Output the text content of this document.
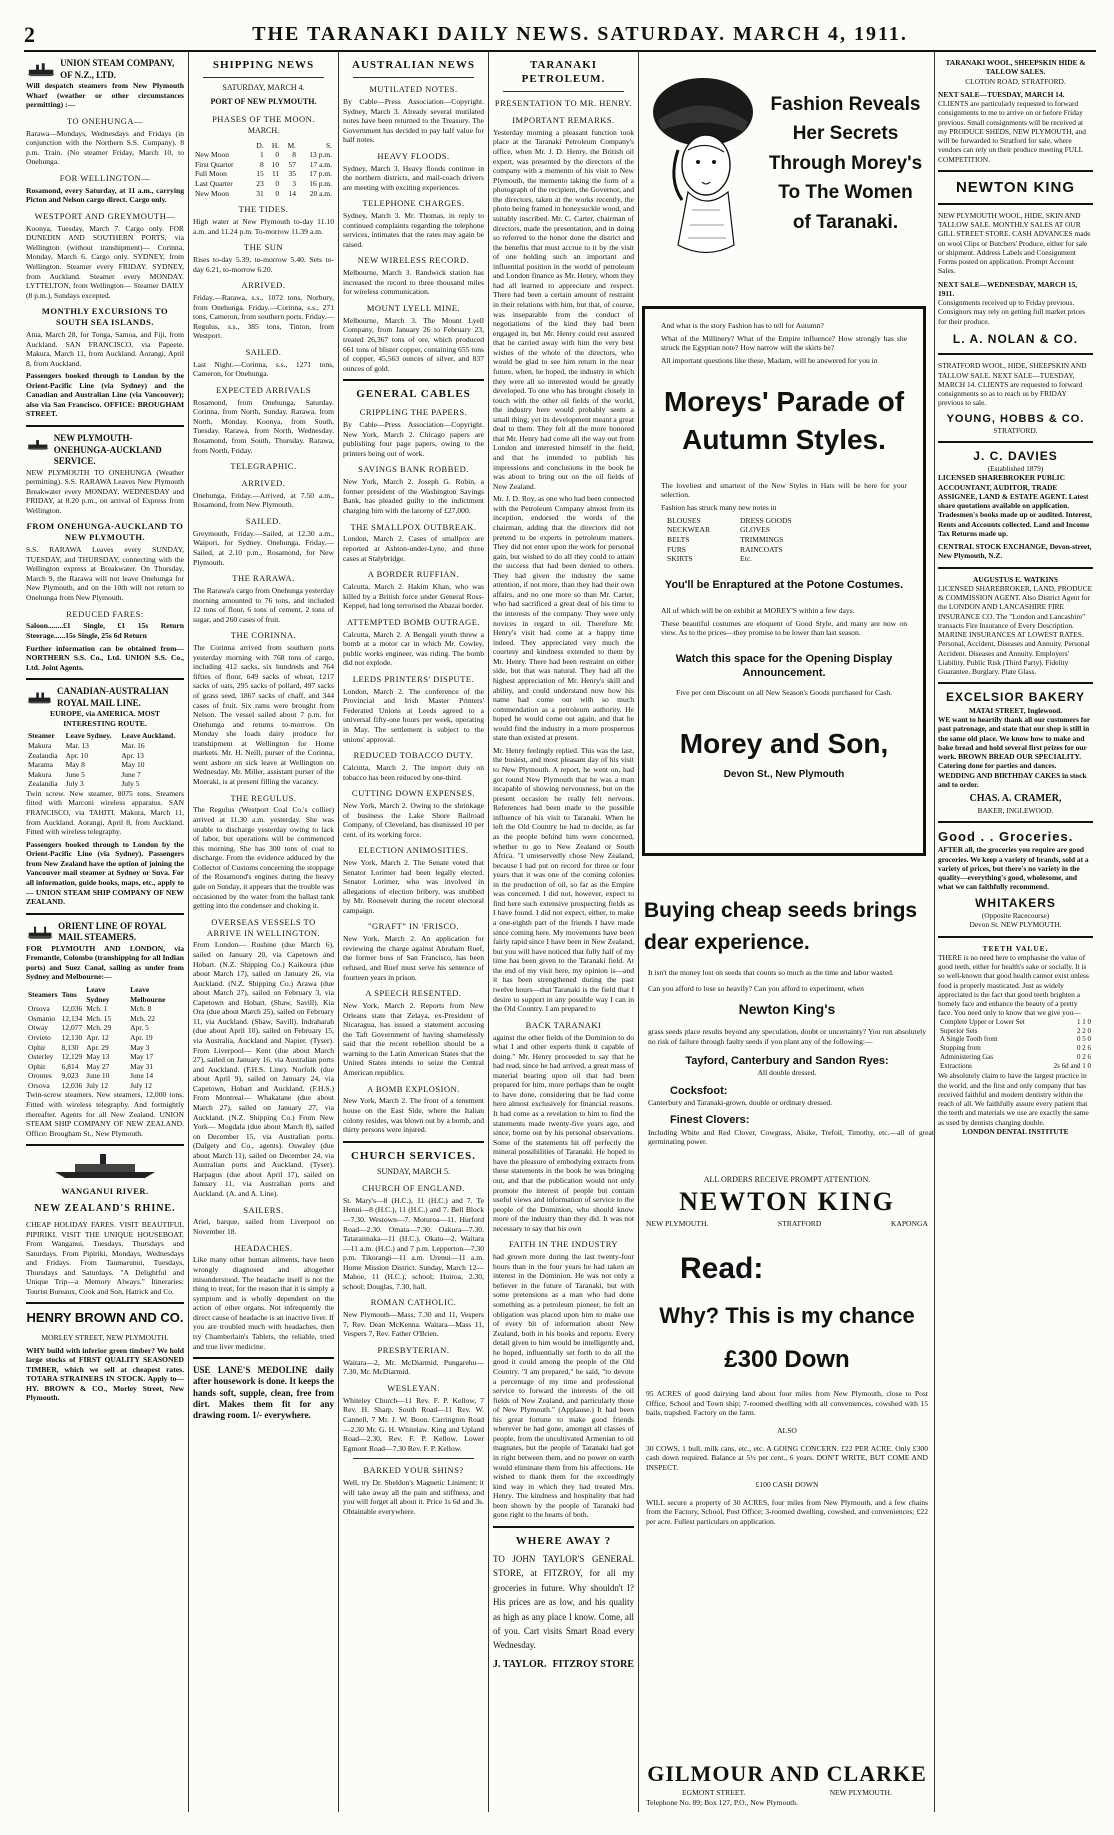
2	THE TARANAKI DAILY NEWS. SATURDAY. MARCH 4, 1911.
UNION STEAM COMPANY, OF N.Z., LTD.
Will despatch steamers from New Plymouth Wharf (weather or other circumstances permitting) :—
TO ONEHUNGA—
Rarawa—Mondays, Wednesdays and Fridays (in conjunction with the Northern S.S. Company). 8 p.m. Train. (No steamer Friday, March 10, to Onehunga.
FOR WELLINGTON—
Rosamond, every Saturday, at 11 a.m., carrying Picton and Nelson cargo direct. Cargo only.
WESTPORT AND GREYMOUTH—
Koonya, Tuesday, March 7. Cargo only. FOR DUNEDIN AND SOUTHERN PORTS, via Wellington (without transhipment)— Corinna, Monday, March 6. Cargo only. SYDNEY, from Wellington. Steamer every FRIDAY. SYDNEY, from Auckland. Steamer every MONDAY. LYTTELTON, from Wellington— Steamer DAILY (8 p.m.), Sundays excepted.
MONTHLY EXCURSIONS TO SOUTH SEA ISLANDS.
Atua, March 28, for Tonga, Samoa, and Fiji, from Auckland. SAN FRANCISCO, via Papeete. Makura, March 11, from Auckland. Aorangi, April 8, from Auckland.
Passengers booked through to London by the Orient-Pacific Line (via Sydney) and the Canadian and Australian Line (via Vancouver); also via San Francisco. OFFICE: BROUGHAM STREET.
NEW PLYMOUTH-ONEHUNGA-AUCKLAND SERVICE.
NEW PLYMOUTH TO ONEHUNGA (Weather permitting). S.S. RARAWA Leaves New Plymouth Breakwater every MONDAY, WEDNESDAY and FRIDAY, at 8.20 p.m., on arrival of Express from Wellington.
FROM ONEHUNGA-AUCKLAND TO NEW PLYMOUTH.
S.S. RARAWA Leaves every SUNDAY, TUESDAY, and THURSDAY, connecting with the Wellington express at Breakwater. On Thursday, March 9, the Rarawa will not leave Onehunga for New Plymouth, and on the 10th will not return to Onehunga from New Plymouth.
REDUCED FARES:
Saloon........£1 Single, £1 15s Return Steerage......15s Single, 25s 6d Return
Further information can be obtained from— NORTHERN S.S. Co., Ltd. UNION S.S. Co., Ltd. Joint Agents.
CANADIAN-AUSTRALIAN ROYAL MAIL LINE.
EUROPE, via AMERICA. MOST INTERESTING ROUTE.
Steamer	Leave Sydney.	Leave Auckland.
Makura	Mar. 13	Mar. 16
Zealandia	Apr. 10	Apr. 13
Marama	May 8	May 10
Makura	June 5	June 7
Zealandia	July 3	July 5
Twin screw. New steamer, 8075 tons. Steamers fitted with Marconi wireless apparatus. SAN FRANCISCO, via TAHITI. Makura, March 11, from Auckland. Aorangi, April 8, from Auckland. Fitted with wireless telegraphy.
Passengers booked through to London by the Orient-Pacific Line (via Sydney). Passengers from New Zealand have the option of joining the Vancouver mail steamer at Sydney or Suva. For all information, guide books, maps, etc., apply to— UNION STEAM SHIP COMPANY OF NEW ZEALAND.
ORIENT LINE OF ROYAL MAIL STEAMERS.
FOR PLYMOUTH AND LONDON, via Fremantle, Colombo (transhipping for all Indian ports) and Suez Canal, sailing as under from Sydney and Melbourne:—
Steamers	Tons	Leave Sydney	Leave Melbourne
Orsova	12,036	Mch. 1	Mch. 8
Osmanio	12,134	Mch. 15	Mch. 22
Otway	12,077	Mch. 29	Apr. 5
Orvieto	12,130	Apr. 12	Apr. 19
Ophir	8,130	Apr. 29	May 3
Osterley	12,129	May 13	May 17
Ophir	6,814	May 27	May 31
Orontes	9,023	June 10	June 14
Orsova	12,036	July 12	July 12
Twin-screw steamers. New steamers, 12,000 tons. Fitted with wireless telegraphy. And fortnightly thereafter. Agents for all New Zealand. UNION STEAM SHIP COMPANY OF NEW ZEALAND. Office: Brougham St., New Plymouth.
WANGANUI RIVER.
NEW ZEALAND'S RHINE.
CHEAP HOLIDAY FARES. VISIT BEAUTIFUL PIPIRIKI. VISIT THE UNIQUE HOUSEBOAT. From Wanganui, Tuesdays, Thursdays and Saturdays. From Pipiriki, Mondays, Wednesdays and Fridays. From Taumarunui, Tuesdays, Thursdays and Saturdays. "A Delightful and Unique Trip—a Memory Always." Itineraries: Tourist Bureaux, Cook and Son, Hatrick and Co.
HENRY BROWN AND CO.
MORLEY STREET, NEW PLYMOUTH.
WHY build with inferior green timber? We hold large stocks of FIRST QUALITY SEASONED TIMBER, which we sell at cheapest rates. TOTARA STRAINERS IN STOCK. Apply to— HY. BROWN & CO., Morley Street, New Plymouth.
SHIPPING NEWS
SATURDAY, MARCH 4.
PORT OF NEW PLYMOUTH.
PHASES OF THE MOON.
MARCH.
	D.	H.	M.	S.
New Moon	1	0	8	13 p.m.
First Quarter	8	10	57	17 a.m.
Full Moon	15	11	35	17 p.m.
Last Quarter	23	0	3	16 p.m.
New Moon	31	0	14	20 a.m.
THE TIDES.
High water at New Plymouth to-day 11.10 a.m. and 11.24 p.m. To-morrow 11.39 a.m.
THE SUN
Rises to-day 5.39, to-morrow 5.40. Sets to-day 6.21, to-morrow 6.20.
ARRIVED.
Friday.—Rarawa, s.s., 1072 tons, Norbury, from Onehunga. Friday.—Corinna, s.s., 271 tons, Cameron, from southern ports. Friday.—Regulus, s.s., 385 tons, Tinton, from Westport.
SAILED.
Last Night.—Corinna, s.s., 1271 tons, Cameron, for Onehunga.
EXPECTED ARRIVALS
Rosamond, from Onehunga, Saturday. Corinna, from North, Sunday. Rarawa, from North, Monday. Koonya, from South, Tuesday. Rarawa, from North, Wednesday. Rosamond, from South, Thursday. Rarawa, from North, Friday.
TELEGRAPHIC.
ARRIVED.
Onehunga, Friday.—Arrived, at 7.50 a.m., Rosamond, from New Plymouth.
SAILED.
Greymouth, Friday.—Sailed, at 12.30 a.m., Waipori, for Sydney. Onehunga, Friday.—Sailed, at 2.10 p.m., Rosamond, for New Plymouth.
THE RARAWA.
The Rarawa's cargo from Onehunga yesterday morning amounted to 76 tons, and included 12 tons of flour, 6 tons of cement, 2 tons of sugar, and 260 cases of fruit.
THE CORINNA.
The Corinna arrived from southern ports yesterday morning with 768 tons of cargo, including 412 sacks, six hundreds and 764 fifties of flour, 649 sacks of wheat, 1217 sacks of oats, 295 sacks of pollard, 497 sacks of grass seed, 1867 sacks of chaff, and 344 cases of fruit. Six rams were brought from Nelson. The vessel sailed about 7 p.m. for Onehunga and returns to-morrow. On Monday she loads dairy produce for transhipment at Wellington for Home markets. Mr. H. Neill, purser of the Corinna, went ashore on sick leave at Wellington on Wednesday. Mr. Miller, assistant purser of the Moeraki, is at present filling the vacancy.
THE REGULUS.
The Regulus (Westport Coal Co.'s collier) arrived at 11.30 a.m. yesterday. She was unable to discharge yesterday owing to lack of labor, but operations will be commenced this morning. She has 300 tons of coal to discharge. From the evidence adduced by the Collector of Customs concerning the stoppage of the Rosamond's engines during the heavy gale on Sunday, it appears that the trouble was occasioned by the water from the ballast tank getting into the condenser and choking it.
OVERSEAS VESSELS TO ARRIVE IN WELLINGTON.
From London— Rushine (due March 6), sailed on January 20, via Capetown and Hobart. (N.Z. Shipping Co.) Kaikoura (due about March 17), sailed on January 26, via Auckland. (N.Z. Shipping Co.) Arawa (due about March 27), sailed on February 3, via Capetown and Hobart. (Shaw, Savill). Kia Ora (due about March 25), sailed on February 11, via Auckland. (Shaw, Savill). Indraharah (due about April 10), sailed on February 15, via Australia, Auckland and Napier. (Tyser). From Liverpool— Kent (due about March 27), sailed on January 16, via Australian ports and Auckland. (F.H.S. Line). Norfolk (due about April 9), sailed on January 24, via Capetown, Hobart and Auckland. (F.H.S.) From Montreal— Whakatane (due about March 27), sailed on January 27, via Auckland. (N.Z. Shipping Co.) From New York— Mogdala (due about March 8), sailed on December 15, via Australian ports. (Dalgety and Co., agents). Oswaley (due about March 11), sailed on December 24, via Australian ports and Auckland. (Tyser). Harpagus (due about April 17), sailed on January 11, via Australian ports and Auckland. (A. and A. Line).
SAILERS.
Ariel, barque, sailed from Liverpool on November 18.
HEADACHES.
Like many other human ailments, have been wrongly diagnosed and altogether misunderstood. The headache itself is not the thing to treat, for the reason that it is simply a symptom and is wholly dependent on the action of other organs. Not infrequently the direct cause of headache is an inactive liver. If you are troubled much with headaches, then try Chamberlain's Tablets, the reliable, tried and true liver medicine.
USE LANE'S MEDOLINE daily after housework is done. It keeps the hands soft, supple, clean, free from dirt. Makes them fit for any drawing room. 1/- everywhere.
AUSTRALIAN NEWS
MUTILATED NOTES.
By Cable—Press Association—Copyright. Sydney, March 3. Already several mutilated notes have been returned to the Treasury. The Government has decided to pay half value for half notes.
HEAVY FLOODS.
Sydney, March 3. Heavy floods continue in the northern districts, and mail-coach drivers are meeting with exciting experiences.
TELEPHONE CHARGES.
Sydney, March 3. Mr. Thomas, in reply to continued complaints regarding the telephone services, intimates that the rates may again be raised.
NEW WIRELESS RECORD.
Melbourne, March 3. Randwick station has increased the record to three thousand miles for wireless communication.
MOUNT LYELL MINE.
Melbourne, March 3. The Mount Lyell Company, from January 26 to February 23, treated 26,367 tons of ore, which produced 661 tons of blister copper, containing 655 tons of copper, 45,563 ounces of silver, and 837 ounces of gold.
GENERAL CABLES
CRIPPLING THE PAPERS.
By Cable—Press Association—Copyright. New York, March 2. Chicago papers are publishing four page papers, owing to the printers being out of work.
SAVINGS BANK ROBBED.
New York, March 2. Joseph G. Robin, a former president of the Washington Savings Bank, has pleaded guilty to the indictment charging him with the larceny of £27,000.
THE SMALLPOX OUTBREAK.
London, March 2. Cases of smallpox are reported at Ashton-under-Lyne, and three cases at Stalybridge.
A BORDER RUFFIAN.
Calcutta, March 2. Hakim Khan, who was killed by a British force under General Ross-Keppel, had long terrorised the Abazai border.
ATTEMPTED BOMB OUTRAGE.
Calcutta, March 2. A Bengali youth threw a bomb at a motor car in which Mr. Cowley, public works engineer, was riding. The bomb did not explode.
LEEDS PRINTERS' DISPUTE.
London, March 2. The conference of the Provincial and Irish Master Printers' Federated Unions at Leeds agreed to a universal fifty-one hours per week, operating in May. The settlement is subject to the unions' approval.
REDUCED TOBACCO DUTY.
Calcutta, March 2. The import duty on tobacco has been reduced by one-third.
CUTTING DOWN EXPENSES.
New York, March 2. Owing to the shrinkage of business the Lake Shore Railroad Company, of Cleveland, has dismissed 10 per cent. of its working force.
ELECTION ANIMOSITIES.
New York, March 2. The Senate voted that Senator Lorimer had been legally elected. Senator Lorimer, who was involved in allegations of election bribery, was snubbed by Mr. Roosevelt during the recent electoral campaign.
"GRAFT" IN 'FRISCO.
New York, March 2. An application for reviewing the charge against Abraham Ruef, the former boss of San Francisco, has been refused, and Ruef must serve his sentence of fourteen years in prison.
A SPEECH RESENTED.
New York, March 2. Reports from New Orleans state that Zelaya, ex-President of Nicaragua, has issued a statement accusing the Taft Government of having shamelessly said that the recent rebellion should be a warning to the Latin American States that the United States intends to seize the Central American republics.
A BOMB EXPLOSION.
New York, March 2. The front of a tenement house on the East Side, where the Italian colony resides, was blown out by a bomb, and thirty persons were injured.
CHURCH SERVICES.
SUNDAY, MARCH 5.
CHURCH OF ENGLAND.
St. Mary's—8 (H.C.), 11 (H.C.) and 7. Te Henui—8 (H.C.), 11 (H.C.) and 7. Bell Block—7.30. Westown—7. Moturoa—11. Hurford Road—2.30. Omata—7.30. Oakura—7.30. Tataraimaka—11 (H.C.). Okato—2. Waitara—11 a.m. (H.C.) and 7 p.m. Lepperton—7.30 p.m. Tikorangi—11 a.m. Urenui—11 a.m. Home Mission District. Sunday, March 12—Mahoe, 11 (H.C.), school; Huiroa, 2.30, school; Douglas, 7.30, hall.
ROMAN CATHOLIC.
New Plymouth—Mass, 7.30 and 11, Vespers 7, Rev. Dean McKenna. Waitara—Mass 11, Vespers 7, Rev. Father O'Brien.
PRESBYTERIAN.
Waitara—2, Mr. McDiarmid. Pungarehu—7.30, Mr. McDiarmid.
WESLEYAN.
Whiteley Church—11 Rev. F. P. Kellow, 7 Rev. H. Sharp. South Road—11 Rev. W. Cannell, 7 Mr. J. W. Boon. Carrington Road—2.30 Mr. G. H. Whitelaw. King and Upland Road—2.30, Rev. F. P. Kellow. Lower Egmont Road—7.30 Rev. F. P. Kellow.
BARKED YOUR SHINS?
Well, try Dr. Sheldon's Magnetic Liniment; it will take away all the pain and stiffness, and you will forget all about it. Price 1s 6d and 3s. Obtainable everywhere.
TARANAKI PETROLEUM.
PRESENTATION TO MR. HENRY.
IMPORTANT REMARKS.
Yesterday morning a pleasant function took place at the Taranaki Petroleum Company's office, when Mr. J. D. Henry, the British oil expert, was presented by the directors of the company with a memento of his visit to New Plymouth, the memento taking the form of a photograph of the recipient, the Governor, and the directors, taken at the works recently, the photo being framed in honeysuckle wood, and suitably inscribed. Mr. C. Carter, chairman of directors, made the presentation, and in doing so referred to the honor done the district and the benefits that must accrue to it by the visit of one holding such an important and influential position in the world of petroleum and London finance as Mr. Henry, whom they had all learned to appreciate and respect. There had been a certain amount of restraint in their relations with him, but that, of course, was inseparable from the conduct of negotiations of the kind they had been engaged in, but Mr. Henry could rest assured that he carried away with him the very best wishes of the whole of the directors, who would be glad to see him return in the near future, when, he hoped, the industry in which they were all so interested would be greatly developed. To one who has brought closely in touch with the other oil fields of the world, the industry here would probably seem a small thing; yet its development meant a great deal to them. They felt all the more honored that Mr. Henry had come all the way out from London and interested himself in the field, and that he intended to publish his impressions and conclusions in the book he was about to bring out on the oil fields of New Zealand.
Mr. J. D. Roy, as one who had been connected with the Petroleum Company almost from its inception, endorsed the words of the chairman, adding that the directors did not pretend to be experts in petroleum matters. They did not enter upon the work for personal gain, but wished to do all they could to attain the success that had been denied to others. They had given the industry the same attention, if not more, than they had their own affairs, and no one more so than Mr. Carter, who had sacrificed a great deal of his time to the interests of the company. They were only novices in regard to oil. Therefore Mr. Henry's visit had come at a happy time indeed. They appreciated very much the courtesy and kindness extended to them by Mr. Henry. There had been restraint on either side, but that was natural. They had all the highest appreciation of Mr. Henry's skill and ability, and could understand now how his name had come out with so much commendation as a petroleum authority. He hoped he would come out again, and that he would find the industry in a more prosperous state than existed at present.
Mr. Henry feelingly replied. This was the last, the busiest, and most pleasant day of his visit to New Plymouth. A report, he went on, had got round New Plymouth that he was a man incapable of showing nervousness, but on the present occasion he really felt nervous. References had been made to the possible influence of his visit to Taranaki. When he left the Old Country he had to decide, as far as the people behind him were concerned, whether to go to New Zealand or South Africa. "I unreservedly chose New Zealand, because I had put on record for three or four years that it was one of the coming colonies in the production of oil, so far as the Empire was concerned. I did not, however, expect to find here such extensive prospecting fields as I have found. I did not expect, either, to make a one-eighth part of the friends I have made since coming here. My movements have been fairly rapid since I have been in New Zealand, but you will have noticed that fully half of my time has been given to the Taranaki field. At the end of my visit here, my opinion is—and it has been strengthened during the past twelve hours—that Taranaki is the field that I desire to support in any possible way I can in the Old Country. I am prepared to
BACK TARANAKI
against the other fields of the Dominion to do what I and other experts think it capable of doing." Mr. Henry proceeded to say that he had read, since he had arrived, a great mass of material bearing upon oil that had been prepared for him, more perhaps than he ought to have done, considering that he had come here almost exclusively for financial reasons. It had come as a revelation to him to find the statements made twenty-five years ago, and since, borne out by his personal observations. Some of the statements hit off perfectly the mineral possibilities of Taranaki. He hoped to have the pleasure of embodying extracts from these statements in the book he was bringing out, and that the publication would not only promote the interest of people but contain useful views and information of service to the people of the Dominion, who should know more of the industry than they did. It was not necessary to say that his own
FAITH IN THE INDUSTRY
had grown more during the last twenty-four hours than in the four years he had taken an interest in the Dominion. He was not only a believer in the future of Taranaki, but with some pretensions as a man who had done something as a petroleum pioneer, he felt an obligation was placed upon him to make use of every bit of information about New Zealand, both in his books and reports. Every detail given to him would be intelligently and, he hoped, influentially set forth to do all the good it could among the people of the Old Country. "I am prepared," he said, "to devote a percentage of my time and professional service to forward the interests of the oil fields of New Zealand, and particularly those of New Plymouth." (Applause.) It had been his great fortune to make good friends wherever he had gone, amongst all classes of people, from the uncultivated Armenian to oil magnates, but the people of Taranaki had got in right between them, and no power on earth would eliminate them from his affections. He wished to thank them for the exceedingly kind way in which they had treated Mrs. Henry. The kindness and hospitality that had been shown by the people of Taranaki had gone right to the hearts of both.
WHERE AWAY ?
TO JOHN TAYLOR'S GENERAL STORE, at FITZROY, for all my groceries in future. Why shouldn't I? His prices are as low, and his quality as high as any place I know. Come, all of you. Cart visits Smart Road every Wednesday.
J. TAYLOR. FITZROY STORE
Fashion Reveals Her Secrets Through Morey's To The Women of Taranaki.
And what is the story Fashion has to tell for Autumn?
What of the Millinery? What of the Empire influence? How strongly has she struck the Egyptian note? How narrow will the skirts be?
All important questions like these, Madam, will be answered for you in
Moreys' Parade of Autumn Styles.
The loveliest and smartest of the New Styles in Hats will be here for your selection.
Fashion has struck many new notes in
BLOUSES
NECKWEAR
BELTS
FURS
SKIRTS
DRESS GOODS
GLOVES
TRIMMINGS
RAINCOATS
Etc.
You'll be Enraptured at the Potone Costumes.
All of which will be on exhibit at MOREY'S within a few days.
These beautiful costumes are eloquent of Good Style, and many are now on view. As to the prices—they promise to be lower than last season.
Watch this space for the Opening Display Announcement.
Five per cent Discount on all New Season's Goods purchased for Cash.
Morey and Son,
Devon St., New Plymouth
Buying cheap seeds brings dear experience.
It isn't the money lost on seeds that counts so much as the time and labor wasted.
Can you afford to lose so heavily? Can you afford to experiment, when
Newton King's
grass seeds place results beyond any speculation, doubt or uncertainty? You run absolutely no risk of failure through faulty seeds if you plant any of the following:—
Tayford, Canterbury and Sandon Ryes:
All double dressed.
Cocksfoot:
Canterbury and Taranaki-grown, double or ordinary dressed.
Finest Clovers:
Including White and Red Clover, Cowgrass, Alsike, Trefoil, Timothy, etc.—all of great germinating power.
ALL ORDERS RECEIVE PROMPT ATTENTION.
NEWTON KING
NEW PLYMOUTH.	STRATFORD	KAPONGA
Read:
Why? This is my chance
£300 Down
95 ACRES of good dairying land about four miles from New Plymouth, close to Post Office, School and Town ship; 7-roomed dwelling with all conveniences, cowshed with 15 bails, trapshed. Factory on the farm.
ALSO
30 COWS, 1 bull, milk cans, etc., etc. A GOING CONCERN. £22 PER ACRE. Only £300 cash down required. Balance at 5½ per cent., 6 years. DON'T WRITE, BUT COME AND INSPECT.
£100 CASH DOWN
WILL secure a property of 30 ACRES, four miles from New Plymouth, and a few chains from the Factory, School, Post Office; 3-roomed dwelling, cowshed, and conveniences; £22 per acre. Fullest particulars on application.
GILMOUR AND CLARKE
EGMONT STREET.	NEW PLYMOUTH.
Telephone No. 89; Box 127, P.O., New Plymouth.
TARANAKI WOOL, SHEEPSKIN HIDE & TALLOW SALES.
CLOTON ROAD, STRATFORD.
NEXT SALE—TUESDAY, MARCH 14.
CLIENTS are particularly requested to forward consignments to me to arrive on or before Friday previous. Small consignments will be received at my PRODUCE SHEDS, NEW PLYMOUTH, and will be forwarded to Stratford for sale, where vendors can rely on their produce meeting FULL COMPETITION.
NEWTON KING
NEW PLYMOUTH WOOL, HIDE, SKIN AND TALLOW SALE. MONTHLY SALES AT OUR GILL STREET STORE. CASH ADVANCES made on wool Clips or Butchers' Produce, either for sale or shipment. Address Labels and Consignment Forms posted on application. Prompt Account Sales.
NEXT SALE—WEDNESDAY, MARCH 15, 1911.
Consignments received up to Friday previous. Consignors may rely on getting full market prices for their produce.
L. A. NOLAN & CO.
STRATFORD WOOL, HIDE, SHEEPSKIN AND TALLOW SALE. NEXT SALE—TUESDAY, MARCH 14. CLIENTS are requested to forward consignments so as to reach us by FRIDAY previous to sale.
YOUNG, HOBBS & CO.
STRATFORD.
J. C. DAVIES
(Established 1879)
LICENSED SHAREBROKER PUBLIC ACCOUNTANT, AUDITOR, TRADE ASSIGNEE, LAND & ESTATE AGENT. Latest share quotations available on application. Tradesmen's books made up or audited. Interest, Rents and Accounts collected. Land and Income Tax Returns made up.
CENTRAL STOCK EXCHANGE, Devon-street, New Plymouth, N.Z.
AUGUSTUS E. WATKINS
LICENSED SHAREBROKER, LAND, PRODUCE & COMMISSION AGENT. Also District Agent for the LONDON AND LANCASHIRE FIRE INSURANCE CO. The "London and Lancashire" transacts Fire Insurance of Every Description. MARINE INSURANCES AT LOWEST RATES. Personal, Accident, Diseases and Annuity. Personal Accident. Diseases and Annuity. Employers' Liability. Public Risk (Third Party). Fidelity Guarantee. Burglary. Plate Glass.
EXCELSIOR BAKERY
MATAI STREET, Inglewood.
WE want to heartily thank all our customers for past patronage, and state that our shop is still in the same old place. We know how to make and bake bread and hold several first prizes for our work. BROWN BREAD OUR SPECIALITY. Catering done for parties and dances. WEDDING AND BIRTHDAY CAKES in stock and to order.
CHAS. A. CRAMER,
BAKER, INGLEWOOD.
Good . . Groceries.
AFTER all, the groceries you require are good groceries. We keep a variety of brands, sold at a variety of prices, but there's no variety in the quality—everything's good, wholesome, and what we can faithfully recommend.
WHITAKERS
(Opposite Racecourse)
Devon St. NEW PLYMOUTH.
TEETH VALUE.
THERE is no need here to emphasise the value of good teeth, either for health's sake or socially. It is so well-known that good health cannot exist unless food is properly masticated. Just as widely appreciated is the fact that good teeth brighten a homely face and enhance the beauty of a pretty face. You need only to know that we give you—
Complete Upper or Lower Set	1 1 0
Superior Sets	2 2 0
A Single Tooth from	0 5 0
Stopping from	0 2 6
Administering Gas	0 2 6
Extractions	2s 6d and 1 0
We absolutely claim to have the largest practice in the world, and the first and only company that has received faithful and modern dentistry within the reach of all. We faithfully assure every patient that the teeth and materials we use are exactly the same as used by dentists charging double.
LONDON DENTAL INSTITUTE
